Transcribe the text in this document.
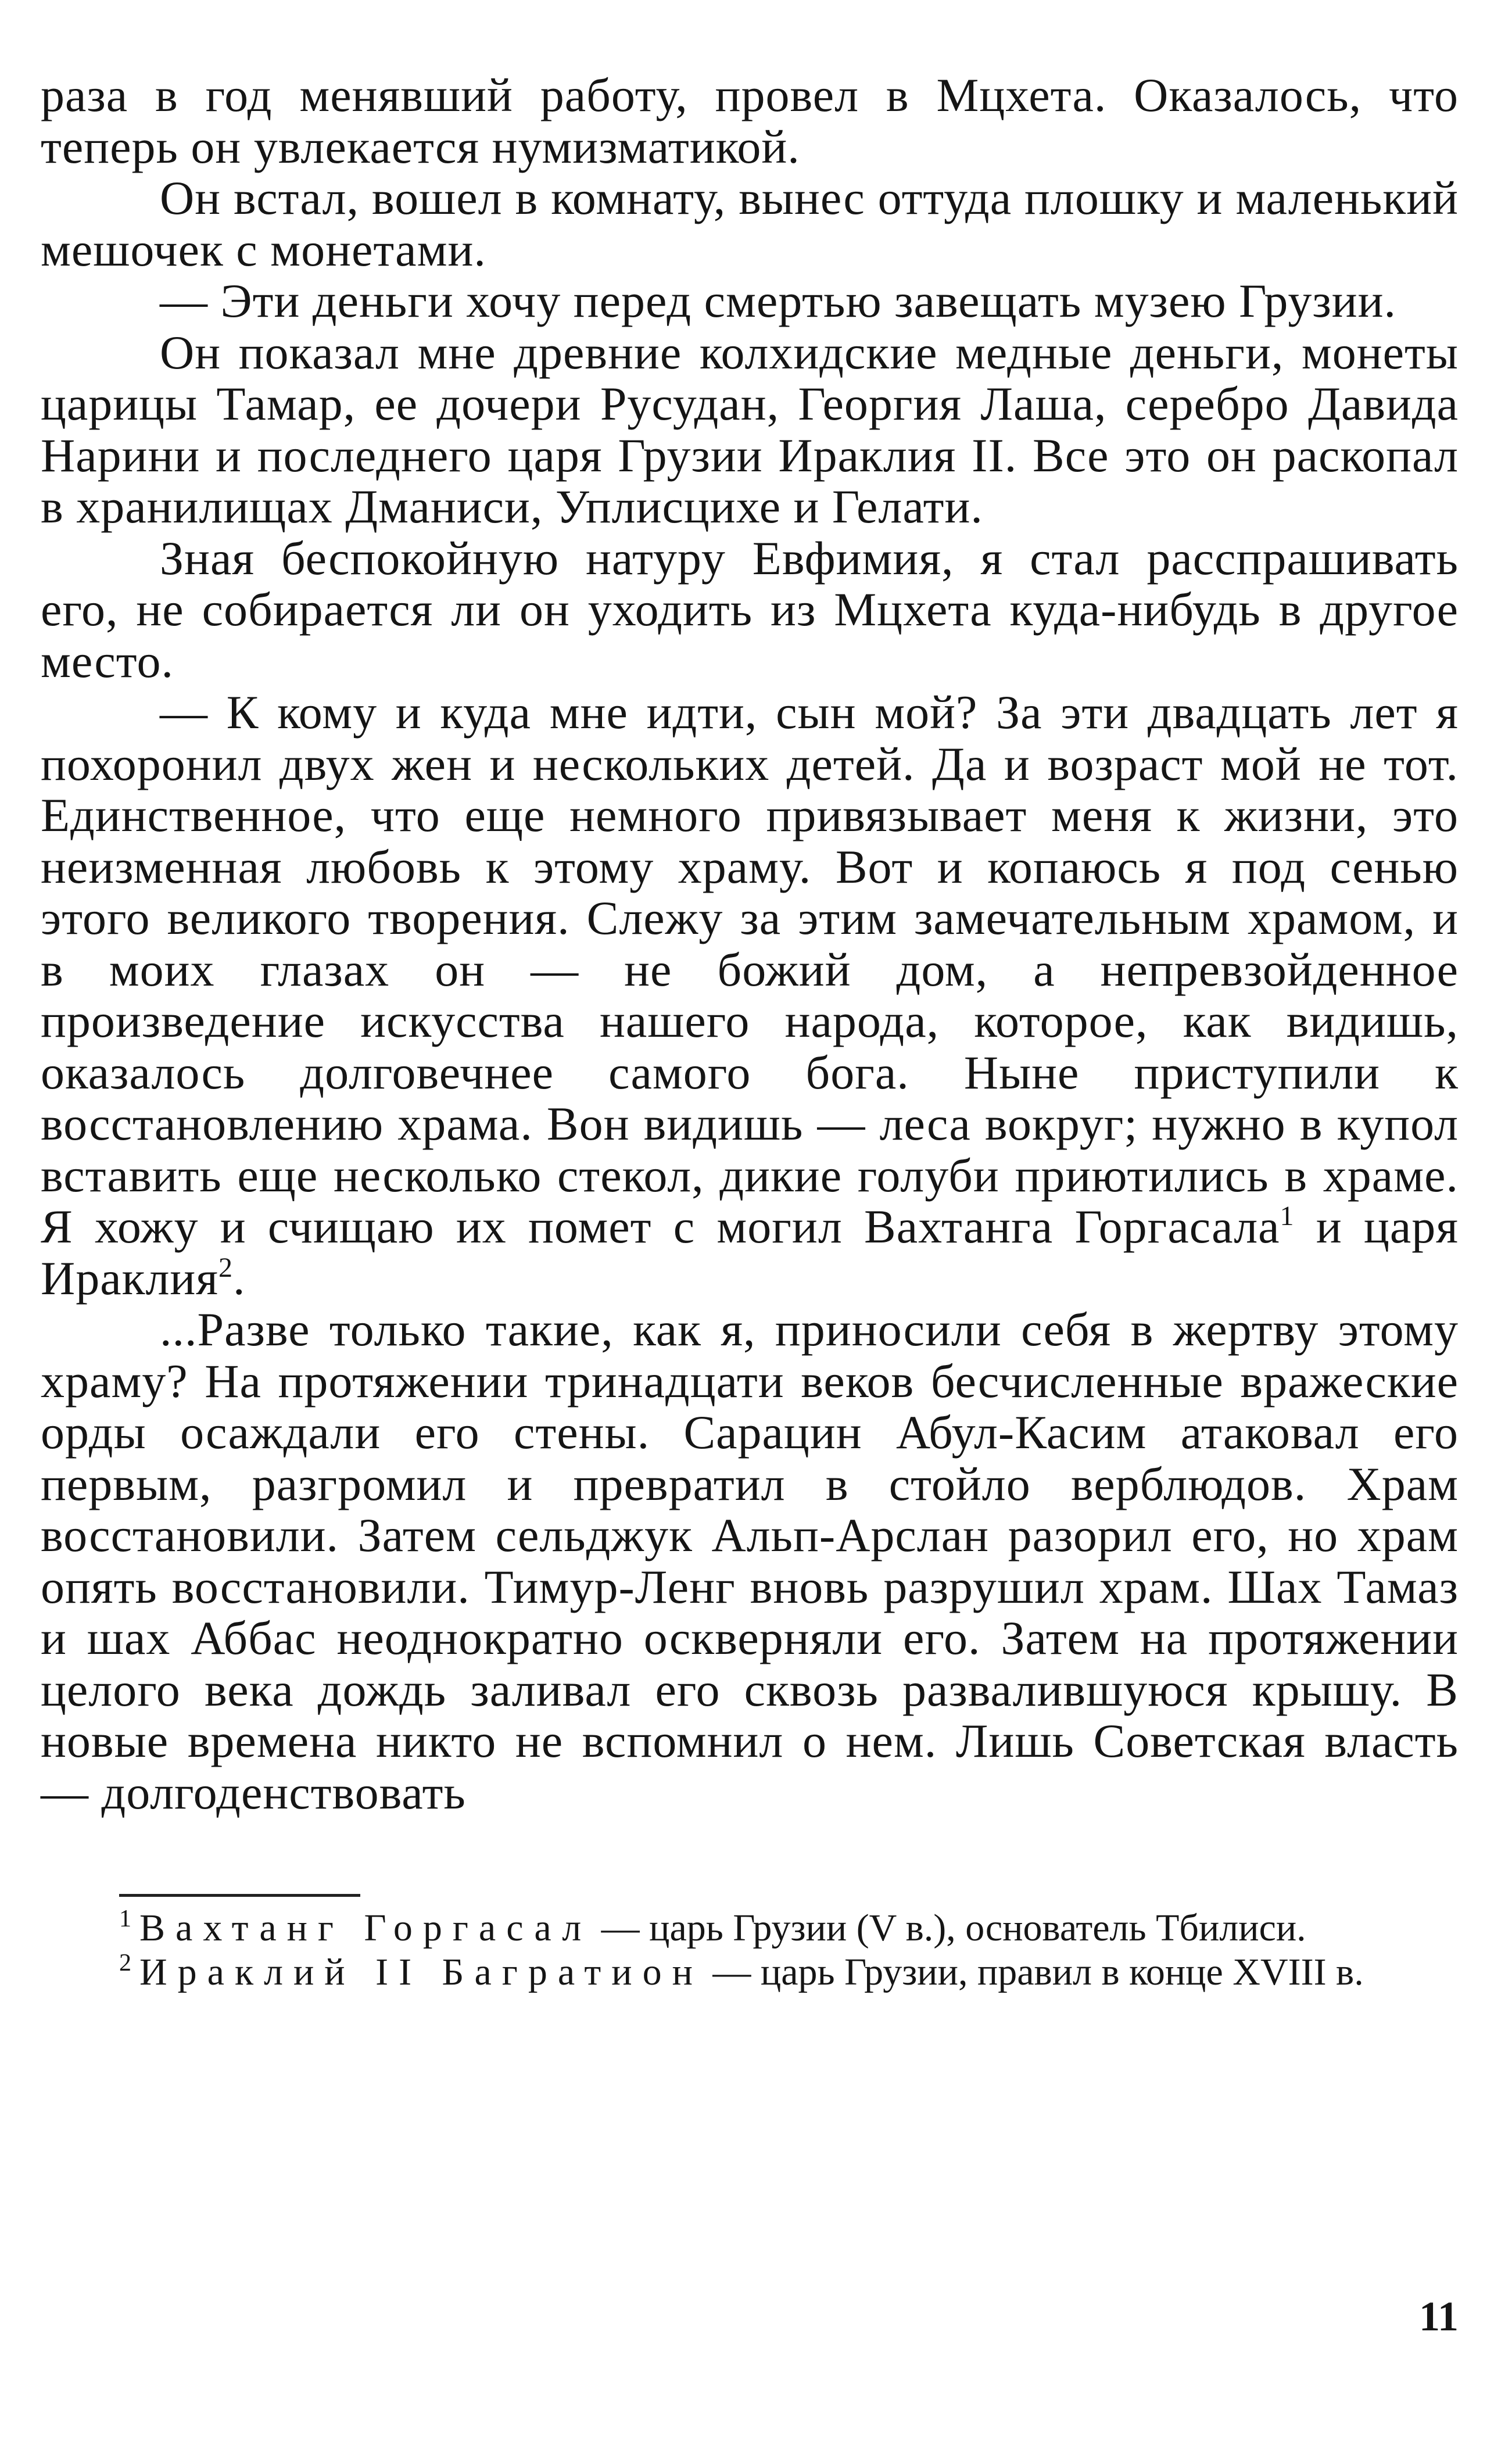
раза в год менявший работу, провел в Мцхета. Оказалось, что теперь он увлекается нумизматикой.

Он встал, вошел в комнату, вынес оттуда плошку и маленький мешочек с монетами.

— Эти деньги хочу перед смертью завещать музею Грузии.

Он показал мне древние колхидские медные деньги, монеты царицы Тамар, ее дочери Русудан, Георгия Лаша, серебро Давида Нарини и последнего царя Грузии Ираклия II. Все это он раскопал в хранилищах Дманиси, Уплисцихе и Гелати.

Зная беспокойную натуру Евфимия, я стал расспрашивать его, не собирается ли он уходить из Мцхета куда-нибудь в другое место.

— К кому и куда мне идти, сын мой? За эти двадцать лет я похоронил двух жен и нескольких детей. Да и возраст мой не тот. Единственное, что еще немного привязывает меня к жизни, это неизменная любовь к этому храму. Вот и копаюсь я под сенью этого великого творения. Слежу за этим замечательным храмом, и в моих глазах он — не божий дом, а непревзойденное произведение искусства нашего народа, которое, как видишь, оказалось долговечнее самого бога. Ныне приступили к восстановлению храма. Вон видишь — леса вокруг; нужно в купол вставить еще несколько стекол, дикие голуби приютились в храме. Я хожу и счищаю их помет с могил Вахтанга Горгасала$^1$ и царя Ираклия$^2$.

...Разве только такие, как я, приносили себя в жертву этому храму? На протяжении тринадцати веков бесчисленные вражеские орды осаждали его стены. Сарацин Абул-Касим атаковал его первым, разгромил и превратил в стойло верблюдов. Храм восстановили. Затем сельджук Альп-Арслан разорил его, но храм опять восстановили. Тимур-Ленг вновь разрушил храм. Шах Тамаз и шах Аббас неоднократно оскверняли его. Затем на протяжении целого века дождь заливал его сквозь развалившуюся крышу. В новые времена никто не вспомнил о нем. Лишь Советская власть — долгоденствовать

$^1$ Вахтанг Горгасал — царь Грузии (V в.), основатель Тбилиси.

$^2$ Ираклий II Багратион — царь Грузии, правил в конце XVIII в.

11
